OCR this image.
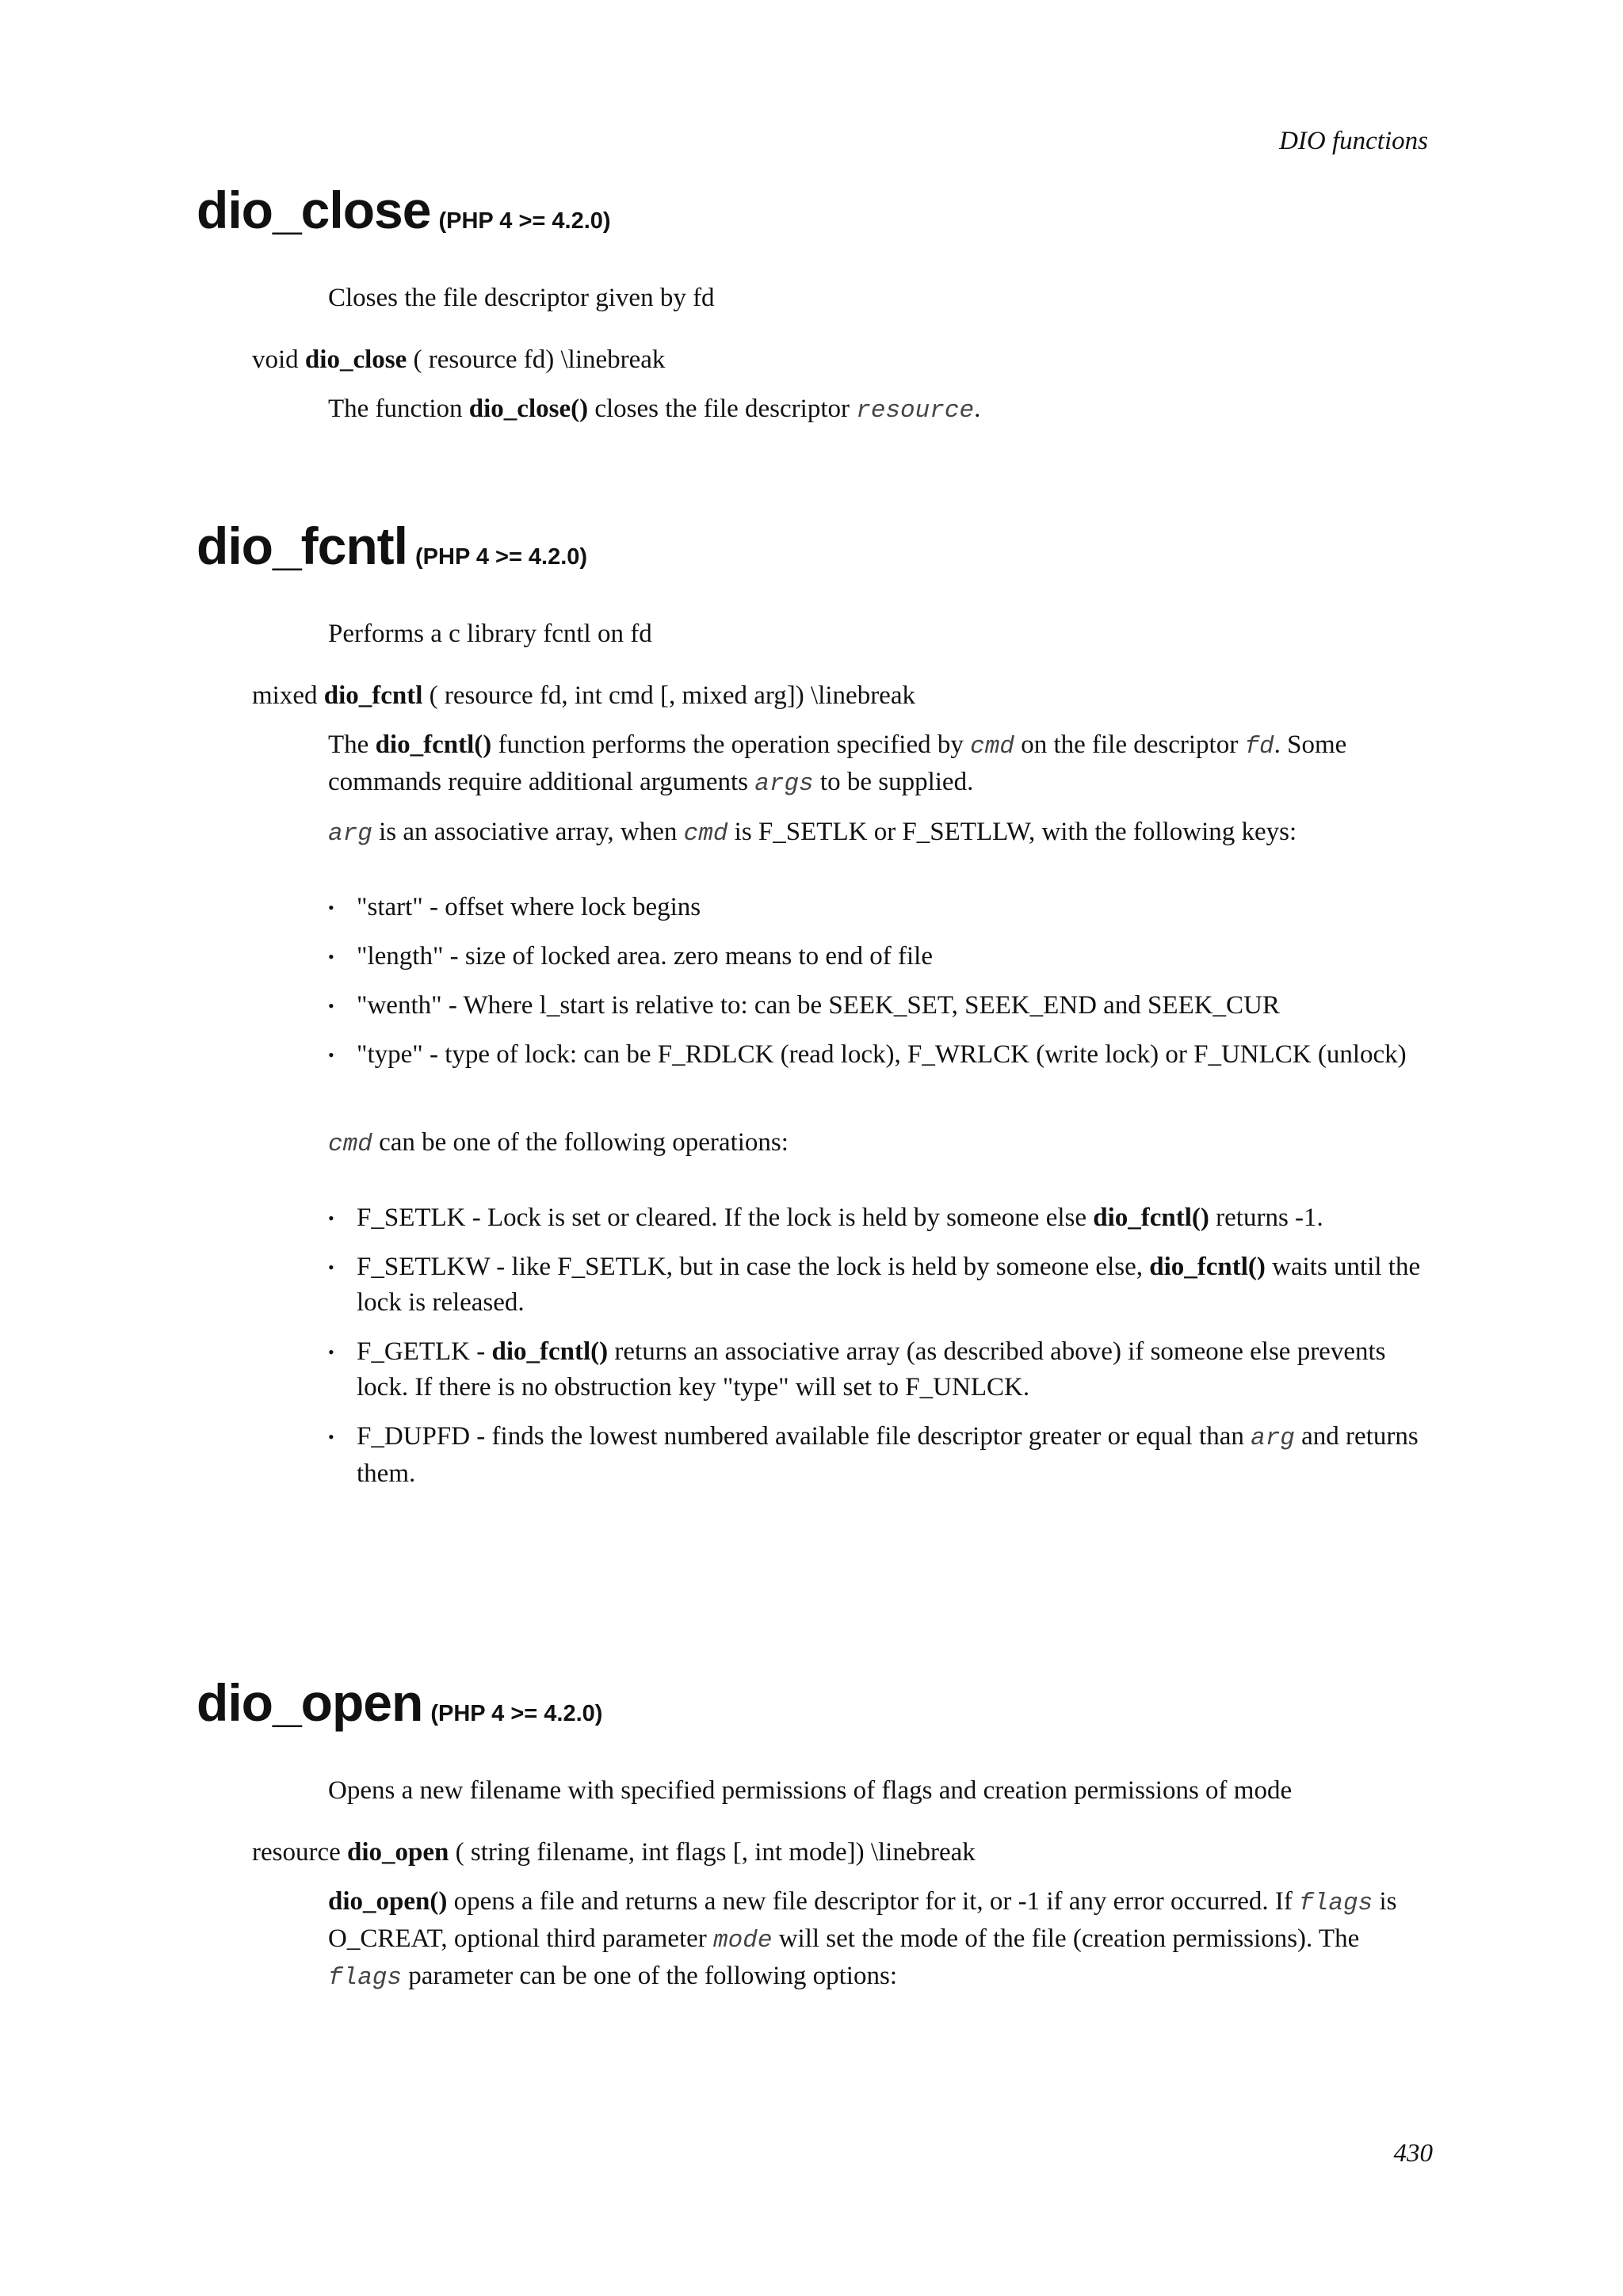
DIO functions
dio_close (PHP 4 >= 4.2.0)

Closes the file descriptor given by fd

void dio_close ( resource fd) \linebreak

The function dio_close() closes the file descriptor resource.

dio_fcntl (PHP 4 >= 4.2.0)

Performs a c library fcntl on fd

mixed dio_fcntl ( resource fd, int cmd [, mixed arg]) \linebreak

The dio_fcntl() function performs the operation specified by cmd on the file descriptor fd. Some commands require additional arguments args to be supplied.

arg is an associative array, when cmd is F_SETLK or F_SETLLW, with the following keys:

• "start" - offset where lock begins
• "length" - size of locked area. zero means to end of file
• "wenth" - Where l_start is relative to: can be SEEK_SET, SEEK_END and SEEK_CUR
• "type" - type of lock: can be F_RDLCK (read lock), F_WRLCK (write lock) or F_UNLCK (unlock)

cmd can be one of the following operations:

• F_SETLK - Lock is set or cleared. If the lock is held by someone else dio_fcntl() returns -1.
• F_SETLKW - like F_SETLK, but in case the lock is held by someone else, dio_fcntl() waits until the lock is released.
• F_GETLK - dio_fcntl() returns an associative array (as described above) if someone else prevents lock. If there is no obstruction key "type" will set to F_UNLCK.
• F_DUPFD - finds the lowest numbered available file descriptor greater or equal than arg and returns them.
dio_open (PHP 4 >= 4.2.0)

Opens a new filename with specified permissions of flags and creation permissions of mode

resource dio_open ( string filename, int flags [, int mode]) \linebreak

dio_open() opens a file and returns a new file descriptor for it, or -1 if any error occurred. If flags is O_CREAT, optional third parameter mode will set the mode of the file (creation permissions). The flags parameter can be one of the following options:

430
